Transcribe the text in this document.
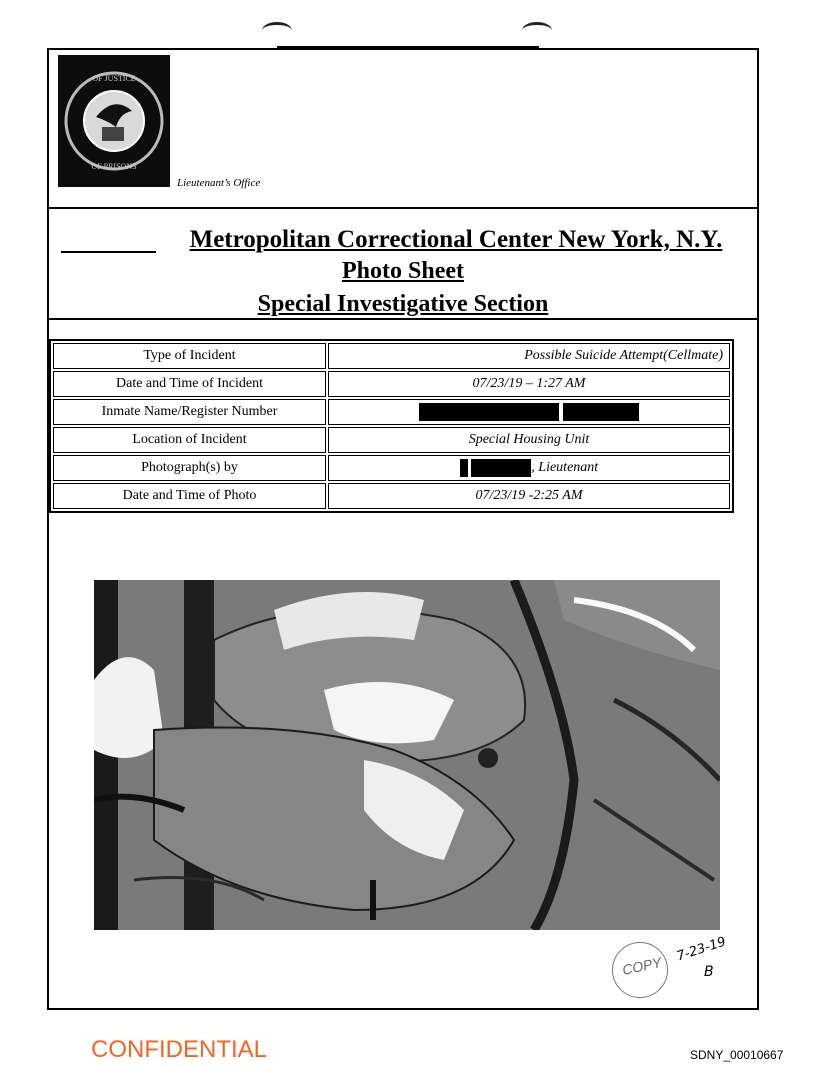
OF JUSTICE
OF PRISONS
Lieutenant’s Office
Metropolitan Correctional Center New York, N.Y.
Photo Sheet
Special Investigative Section
Type of Incident	Possible Suicide Attempt(Cellmate)
Date and Time of Incident	07/23/19 – 1:27 AM
Inmate Name/Register Number	
Location of Incident	Special Housing Unit
Photograph(s) by	, Lieutenant
Date and Time of Photo	07/23/19 -2:25 AM
COPY
7-23-19
B
CONFIDENTIAL	SDNY_00010667
